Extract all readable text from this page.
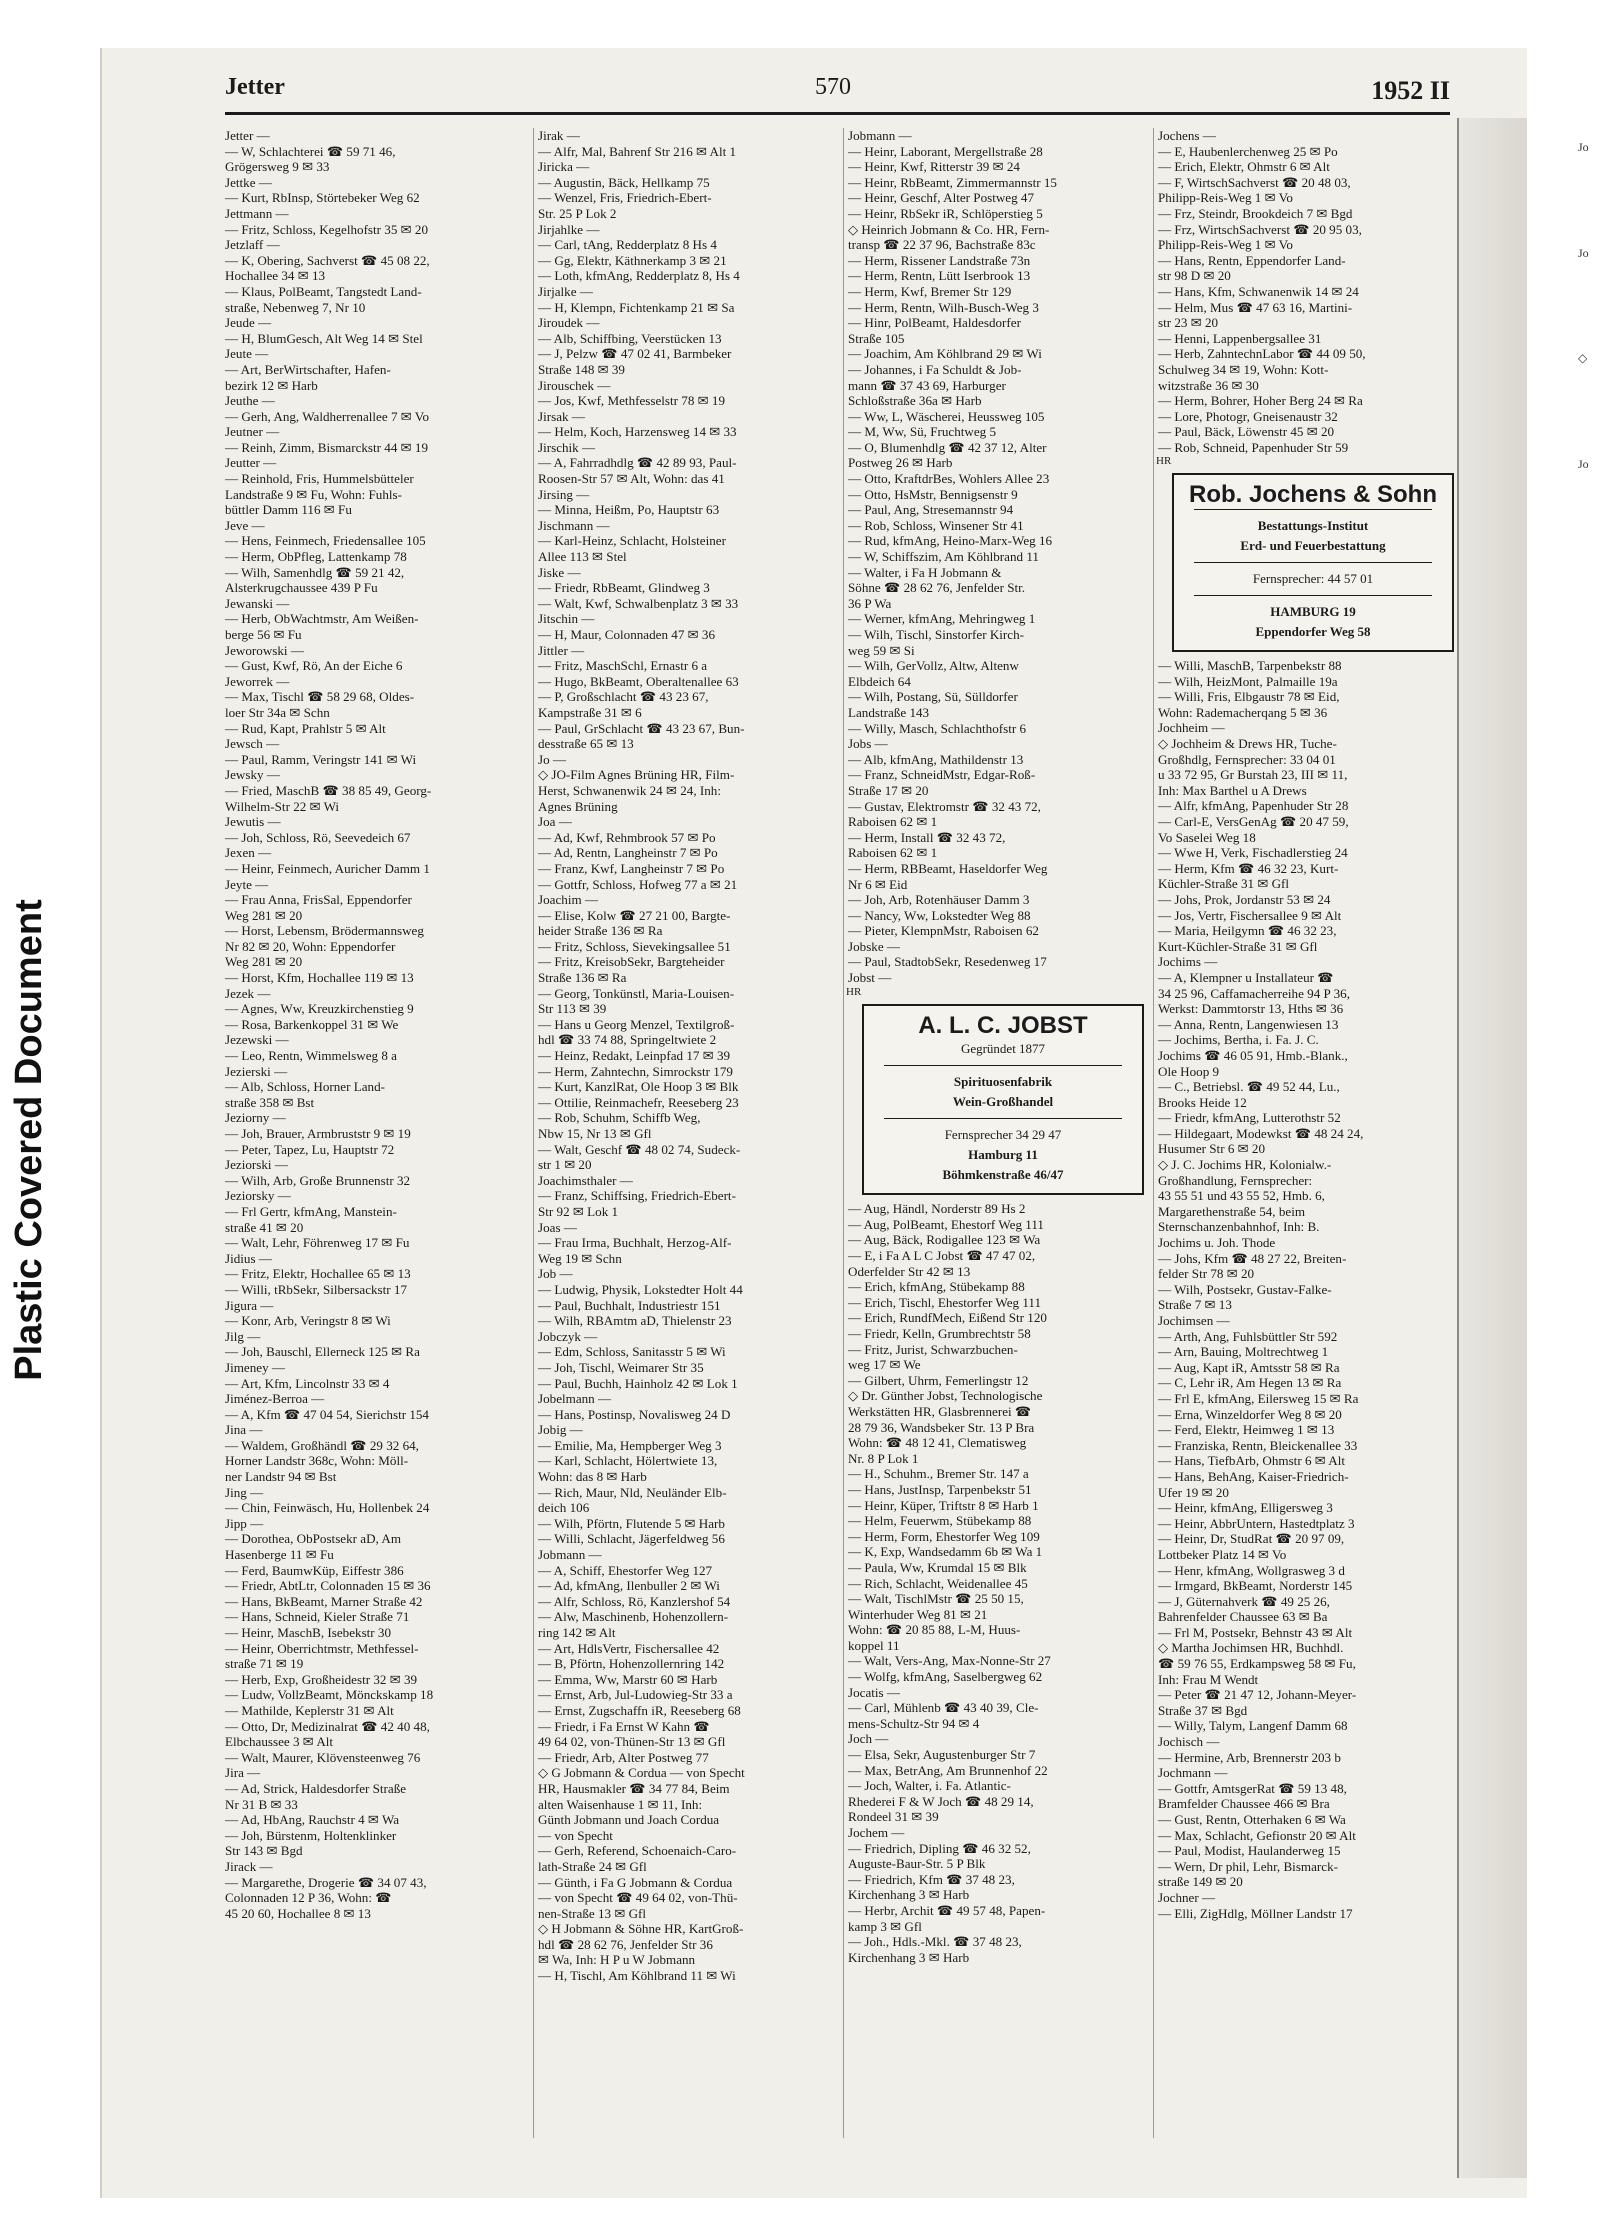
Plastic Covered Document
Jetter	570	1952 II
Jetter —
— W, Schlachterei ☎ 59 71 46,
Grögersweg 9 ✉ 33
Jettke —
— Kurt, RbInsp, Störtebeker Weg 62
Jettmann —
— Fritz, Schloss, Kegelhofstr 35 ✉ 20
Jetzlaff —
— K, Obering, Sachverst ☎ 45 08 22,
Hochallee 34 ✉ 13
— Klaus, PolBeamt, Tangstedt Land-
straße, Nebenweg 7, Nr 10
Jeude —
— H, BlumGesch, Alt Weg 14 ✉ Stel
Jeute —
— Art, BerWirtschafter, Hafen-
bezirk 12 ✉ Harb
Jeuthe —
— Gerh, Ang, Waldherrenallee 7 ✉ Vo
Jeutner —
— Reinh, Zimm, Bismarckstr 44 ✉ 19
Jeutter —
— Reinhold, Fris, Hummelsbütteler
Landstraße 9 ✉ Fu, Wohn: Fuhls-
büttler Damm 116 ✉ Fu
Jeve —
— Hens, Feinmech, Friedensallee 105
— Herm, ObPfleg, Lattenkamp 78
— Wilh, Samenhdlg ☎ 59 21 42,
Alsterkrugchaussee 439 P Fu
Jewanski —
— Herb, ObWachtmstr, Am Weißen-
berge 56 ✉ Fu
Jeworowski —
— Gust, Kwf, Rö, An der Eiche 6
Jeworrek —
— Max, Tischl ☎ 58 29 68, Oldes-
loer Str 34a ✉ Schn
— Rud, Kapt, Prahlstr 5 ✉ Alt
Jewsch —
— Paul, Ramm, Veringstr 141 ✉ Wi
Jewsky —
— Fried, MaschB ☎ 38 85 49, Georg-
Wilhelm-Str 22 ✉ Wi
Jewutis —
— Joh, Schloss, Rö, Seevedeich 67
Jexen —
— Heinr, Feinmech, Auricher Damm 1
Jeyte —
— Frau Anna, FrisSal, Eppendorfer
Weg 281 ✉ 20
— Horst, Lebensm, Brödermannsweg
Nr 82 ✉ 20, Wohn: Eppendorfer
Weg 281 ✉ 20
— Horst, Kfm, Hochallee 119 ✉ 13
Jezek —
— Agnes, Ww, Kreuzkirchenstieg 9
— Rosa, Barkenkoppel 31 ✉ We
Jezewski —
— Leo, Rentn, Wimmelsweg 8 a
Jezierski —
— Alb, Schloss, Horner Land-
straße 358 ✉ Bst
Jeziorny —
— Joh, Brauer, Armbruststr 9 ✉ 19
— Peter, Tapez, Lu, Hauptstr 72
Jeziorski —
— Wilh, Arb, Große Brunnenstr 32
Jeziorsky —
— Frl Gertr, kfmAng, Manstein-
straße 41 ✉ 20
— Walt, Lehr, Föhrenweg 17 ✉ Fu
Jidius —
— Fritz, Elektr, Hochallee 65 ✉ 13
— Willi, tRbSekr, Silbersackstr 17
Jigura —
— Konr, Arb, Veringstr 8 ✉ Wi
Jilg —
— Joh, Bauschl, Ellerneck 125 ✉ Ra
Jimeney —
— Art, Kfm, Lincolnstr 33 ✉ 4
Jiménez-Berroa —
— A, Kfm ☎ 47 04 54, Sierichstr 154
Jina —
— Waldem, Großhändl ☎ 29 32 64,
Horner Landstr 368c, Wohn: Möll-
ner Landstr 94 ✉ Bst
Jing —
— Chin, Feinwäsch, Hu, Hollenbek 24
Jipp —
— Dorothea, ObPostsekr aD, Am
Hasenberge 11 ✉ Fu
— Ferd, BaumwKüp, Eiffestr 386
— Friedr, AbtLtr, Colonnaden 15 ✉ 36
— Hans, BkBeamt, Marner Straße 42
— Hans, Schneid, Kieler Straße 71
— Heinr, MaschB, Isebekstr 30
— Heinr, Oberrichtmstr, Methfessel-
straße 71 ✉ 19
— Herb, Exp, Großheidestr 32 ✉ 39
— Ludw, VollzBeamt, Mönckskamp 18
— Mathilde, Keplerstr 31 ✉ Alt
— Otto, Dr, Medizinalrat ☎ 42 40 48,
Elbchaussee 3 ✉ Alt
— Walt, Maurer, Klövensteenweg 76
Jira —
— Ad, Strick, Haldesdorfer Straße
Nr 31 B ✉ 33
— Ad, HbAng, Rauchstr 4 ✉ Wa
— Joh, Bürstenm, Holtenklinker
Str 143 ✉ Bgd
Jirack —
— Margarethe, Drogerie ☎ 34 07 43,
Colonnaden 12 P 36, Wohn: ☎
45 20 60, Hochallee 8 ✉ 13
Jirak —
— Alfr, Mal, Bahrenf Str 216 ✉ Alt 1
Jiricka —
— Augustin, Bäck, Hellkamp 75
— Wenzel, Fris, Friedrich-Ebert-
Str. 25 P Lok 2
Jirjahlke —
— Carl, tAng, Redderplatz 8 Hs 4
— Gg, Elektr, Käthnerkamp 3 ✉ 21
— Loth, kfmAng, Redderplatz 8, Hs 4
Jirjalke —
— H, Klempn, Fichtenkamp 21 ✉ Sa
Jiroudek —
— Alb, Schiffbing, Veerstücken 13
— J, Pelzw ☎ 47 02 41, Barmbeker
Straße 148 ✉ 39
Jirouschek —
— Jos, Kwf, Methfesselstr 78 ✉ 19
Jirsak —
— Helm, Koch, Harzensweg 14 ✉ 33
Jirschik —
— A, Fahrradhdlg ☎ 42 89 93, Paul-
Roosen-Str 57 ✉ Alt, Wohn: das 41
Jirsing —
— Minna, Heißm, Po, Hauptstr 63
Jischmann —
— Karl-Heinz, Schlacht, Holsteiner
Allee 113 ✉ Stel
Jiske —
— Friedr, RbBeamt, Glindweg 3
— Walt, Kwf, Schwalbenplatz 3 ✉ 33
Jitschin —
— H, Maur, Colonnaden 47 ✉ 36
Jittler —
— Fritz, MaschSchl, Ernastr 6 a
— Hugo, BkBeamt, Oberaltenallee 63
— P, Großschlacht ☎ 43 23 67,
Kampstraße 31 ✉ 6
— Paul, GrSchlacht ☎ 43 23 67, Bun-
desstraße 65 ✉ 13
Jo —
◇ JO-Film Agnes Brüning HR, Film-
Herst, Schwanenwik 24 ✉ 24, Inh:
Agnes Brüning
Joa —
— Ad, Kwf, Rehmbrook 57 ✉ Po
— Ad, Rentn, Langheinstr 7 ✉ Po
— Franz, Kwf, Langheinstr 7 ✉ Po
— Gottfr, Schloss, Hofweg 77 a ✉ 21
Joachim —
— Elise, Kolw ☎ 27 21 00, Bargte-
heider Straße 136 ✉ Ra
— Fritz, Schloss, Sievekingsallee 51
— Fritz, KreisobSekr, Bargteheider
Straße 136 ✉ Ra
— Georg, Tonkünstl, Maria-Louisen-
Str 113 ✉ 39
— Hans u Georg Menzel, Textilgroß-
hdl ☎ 33 74 88, Springeltwiete 2
— Heinz, Redakt, Leinpfad 17 ✉ 39
— Herm, Zahntechn, Simrockstr 179
— Kurt, KanzlRat, Ole Hoop 3 ✉ Blk
— Ottilie, Reinmachefr, Reeseberg 23
— Rob, Schuhm, Schiffb Weg,
Nbw 15, Nr 13 ✉ Gfl
— Walt, Geschf ☎ 48 02 74, Sudeck-
str 1 ✉ 20
Joachimsthaler —
— Franz, Schiffsing, Friedrich-Ebert-
Str 92 ✉ Lok 1
Joas —
— Frau Irma, Buchhalt, Herzog-Alf-
Weg 19 ✉ Schn
Job —
— Ludwig, Physik, Lokstedter Holt 44
— Paul, Buchhalt, Industriestr 151
— Wilh, RBAmtm aD, Thielenstr 23
Jobczyk —
— Edm, Schloss, Sanitasstr 5 ✉ Wi
— Joh, Tischl, Weimarer Str 35
— Paul, Buchh, Hainholz 42 ✉ Lok 1
Jobelmann —
— Hans, Postinsp, Novalisweg 24 D
Jobig —
— Emilie, Ma, Hempberger Weg 3
— Karl, Schlacht, Hölertwiete 13,
Wohn: das 8 ✉ Harb
— Rich, Maur, Nld, Neuländer Elb-
deich 106
— Wilh, Pförtn, Flutende 5 ✉ Harb
— Willi, Schlacht, Jägerfeldweg 56
Jobmann —
— A, Schiff, Ehestorfer Weg 127
— Ad, kfmAng, Ilenbuller 2 ✉ Wi
— Alfr, Schloss, Rö, Kanzlershof 54
— Alw, Maschinenb, Hohenzollern-
ring 142 ✉ Alt
— Art, HdlsVertr, Fischersallee 42
— B, Pförtn, Hohenzollernring 142
— Emma, Ww, Marstr 60 ✉ Harb
— Ernst, Arb, Jul-Ludowieg-Str 33 a
— Ernst, Zugschaffn iR, Reeseberg 68
— Friedr, i Fa Ernst W Kahn ☎
49 64 02, von-Thünen-Str 13 ✉ Gfl
— Friedr, Arb, Alter Postweg 77
◇ G Jobmann & Cordua — von Specht
HR, Hausmakler ☎ 34 77 84, Beim
alten Waisenhause 1 ✉ 11, Inh:
Günth Jobmann und Joach Cordua
— von Specht
— Gerh, Referend, Schoenaich-Caro-
lath-Straße 24 ✉ Gfl
— Günth, i Fa G Jobmann & Cordua
— von Specht ☎ 49 64 02, von-Thü-
nen-Straße 13 ✉ Gfl
◇ H Jobmann & Söhne HR, KartGroß-
hdl ☎ 28 62 76, Jenfelder Str 36
✉ Wa, Inh: H P u W Jobmann
— H, Tischl, Am Köhlbrand 11 ✉ Wi
Jobmann —
— Heinr, Laborant, Mergellstraße 28
— Heinr, Kwf, Ritterstr 39 ✉ 24
— Heinr, RbBeamt, Zimmermannstr 15
— Heinr, Geschf, Alter Postweg 47
— Heinr, RbSekr iR, Schlöperstieg 5
◇ Heinrich Jobmann & Co. HR, Fern-
transp ☎ 22 37 96, Bachstraße 83c
— Herm, Rissener Landstraße 73n
— Herm, Rentn, Lütt Iserbrook 13
— Herm, Kwf, Bremer Str 129
— Herm, Rentn, Wilh-Busch-Weg 3
— Hinr, PolBeamt, Haldesdorfer
Straße 105
— Joachim, Am Köhlbrand 29 ✉ Wi
— Johannes, i Fa Schuldt & Job-
mann ☎ 37 43 69, Harburger
Schloßstraße 36a ✉ Harb
— Ww, L, Wäscherei, Heussweg 105
— M, Ww, Sü, Fruchtweg 5
— O, Blumenhdlg ☎ 42 37 12, Alter
Postweg 26 ✉ Harb
— Otto, KraftdrBes, Wohlers Allee 23
— Otto, HsMstr, Bennigsenstr 9
— Paul, Ang, Stresemannstr 94
— Rob, Schloss, Winsener Str 41
— Rud, kfmAng, Heino-Marx-Weg 16
— W, Schiffszim, Am Köhlbrand 11
— Walter, i Fa H Jobmann &
Söhne ☎ 28 62 76, Jenfelder Str.
36 P Wa
— Werner, kfmAng, Mehringweg 1
— Wilh, Tischl, Sinstorfer Kirch-
weg 59 ✉ Si
— Wilh, GerVollz, Altw, Altenw
Elbdeich 64
— Wilh, Postang, Sü, Sülldorfer
Landstraße 143
— Willy, Masch, Schlachthofstr 6
Jobs —
— Alb, kfmAng, Mathildenstr 13
— Franz, SchneidMstr, Edgar-Roß-
Straße 17 ✉ 20
— Gustav, Elektromstr ☎ 32 43 72,
Raboisen 62 ✉ 1
— Herm, Install ☎ 32 43 72,
Raboisen 62 ✉ 1
— Herm, RBBeamt, Haseldorfer Weg
Nr 6 ✉ Eid
— Joh, Arb, Rotenhäuser Damm 3
— Nancy, Ww, Lokstedter Weg 88
— Pieter, KlempnMstr, Raboisen 62
Jobske —
— Paul, StadtobSekr, Resedenweg 17
Jobst —
HR
A. L. C. JOBST
Gegründet 1877
Spirituosenfabrik
Wein-Großhandel
Fernsprecher 34 29 47
Hamburg 11
Böhmkenstraße 46/47
— Aug, Händl, Norderstr 89 Hs 2
— Aug, PolBeamt, Ehestorf Weg 111
— Aug, Bäck, Rodigallee 123 ✉ Wa
— E, i Fa A L C Jobst ☎ 47 47 02,
Oderfelder Str 42 ✉ 13
— Erich, kfmAng, Stübekamp 88
— Erich, Tischl, Ehestorfer Weg 111
— Erich, RundfMech, Eißend Str 120
— Friedr, Kelln, Grumbrechtstr 58
— Fritz, Jurist, Schwarzbuchen-
weg 17 ✉ We
— Gilbert, Uhrm, Femerlingstr 12
◇ Dr. Günther Jobst, Technologische
Werkstätten HR, Glasbrennerei ☎
28 79 36, Wandsbeker Str. 13 P Bra
Wohn: ☎ 48 12 41, Clematisweg
Nr. 8 P Lok 1
— H., Schuhm., Bremer Str. 147 a
— Hans, JustInsp, Tarpenbekstr 51
— Heinr, Küper, Triftstr 8 ✉ Harb 1
— Helm, Feuerwm, Stübekamp 88
— Herm, Form, Ehestorfer Weg 109
— K, Exp, Wandsedamm 6b ✉ Wa 1
— Paula, Ww, Krumdal 15 ✉ Blk
— Rich, Schlacht, Weidenallee 45
— Walt, TischlMstr ☎ 25 50 15,
Winterhuder Weg 81 ✉ 21
Wohn: ☎ 20 85 88, L-M, Huus-
koppel 11
— Walt, Vers-Ang, Max-Nonne-Str 27
— Wolfg, kfmAng, Saselbergweg 62
Jocatis —
— Carl, Mühlenb ☎ 43 40 39, Cle-
mens-Schultz-Str 94 ✉ 4
Joch —
— Elsa, Sekr, Augustenburger Str 7
— Max, BetrAng, Am Brunnenhof 22
— Joch, Walter, i. Fa. Atlantic-
Rhederei F & W Joch ☎ 48 29 14,
Rondeel 31 ✉ 39
Jochem —
— Friedrich, Dipling ☎ 46 32 52,
Auguste-Baur-Str. 5 P Blk
— Friedrich, Kfm ☎ 37 48 23,
Kirchenhang 3 ✉ Harb
— Herbr, Archit ☎ 49 57 48, Papen-
kamp 3 ✉ Gfl
— Joh., Hdls.-Mkl. ☎ 37 48 23,
Kirchenhang 3 ✉ Harb
Jochens —
— E, Haubenlerchenweg 25 ✉ Po
— Erich, Elektr, Ohmstr 6 ✉ Alt
— F, WirtschSachverst ☎ 20 48 03,
Philipp-Reis-Weg 1 ✉ Vo
— Frz, Steindr, Brookdeich 7 ✉ Bgd
— Frz, WirtschSachverst ☎ 20 95 03,
Philipp-Reis-Weg 1 ✉ Vo
— Hans, Rentn, Eppendorfer Land-
str 98 D ✉ 20
— Hans, Kfm, Schwanenwik 14 ✉ 24
— Helm, Mus ☎ 47 63 16, Martini-
str 23 ✉ 20
— Henni, Lappenbergsallee 31
— Herb, ZahntechnLabor ☎ 44 09 50,
Schulweg 34 ✉ 19, Wohn: Kott-
witzstraße 36 ✉ 30
— Herm, Bohrer, Hoher Berg 24 ✉ Ra
— Lore, Photogr, Gneisenaustr 32
— Paul, Bäck, Löwenstr 45 ✉ 20
— Rob, Schneid, Papenhuder Str 59
HR
Rob. Jochens & Sohn
Bestattungs-Institut
Erd- und Feuerbestattung
Fernsprecher: 44 57 01
HAMBURG 19
Eppendorfer Weg 58
— Willi, MaschB, Tarpenbekstr 88
— Wilh, HeizMont, Palmaille 19a
— Willi, Fris, Elbgaustr 78 ✉ Eid,
Wohn: Rademacherqang 5 ✉ 36
Jochheim —
◇ Jochheim & Drews HR, Tuche-
Großhdlg, Fernsprecher: 33 04 01
u 33 72 95, Gr Burstah 23, III ✉ 11,
Inh: Max Barthel u A Drews
— Alfr, kfmAng, Papenhuder Str 28
— Carl-E, VersGenAg ☎ 20 47 59,
Vo Saselei Weg 18
— Wwe H, Verk, Fischadlerstieg 24
— Herm, Kfm ☎ 46 32 23, Kurt-
Küchler-Straße 31 ✉ Gfl
— Johs, Prok, Jordanstr 53 ✉ 24
— Jos, Vertr, Fischersallee 9 ✉ Alt
— Maria, Heilgymn ☎ 46 32 23,
Kurt-Küchler-Straße 31 ✉ Gfl
Jochims —
— A, Klempner u Installateur ☎
34 25 96, Caffamacherreihe 94 P 36,
Werkst: Dammtorstr 13, Hths ✉ 36
— Anna, Rentn, Langenwiesen 13
— Jochims, Bertha, i. Fa. J. C.
Jochims ☎ 46 05 91, Hmb.-Blank.,
Ole Hoop 9
— C., Betriebsl. ☎ 49 52 44, Lu.,
Brooks Heide 12
— Friedr, kfmAng, Lutterothstr 52
— Hildegaart, Modewkst ☎ 48 24 24,
Husumer Str 6 ✉ 20
◇ J. C. Jochims HR, Kolonialw.-
Großhandlung, Fernsprecher:
43 55 51 und 43 55 52, Hmb. 6,
Margarethenstraße 54, beim
Sternschanzenbahnhof, Inh: B.
Jochims u. Joh. Thode
— Johs, Kfm ☎ 48 27 22, Breiten-
felder Str 78 ✉ 20
— Wilh, Postsekr, Gustav-Falke-
Straße 7 ✉ 13
Jochimsen —
— Arth, Ang, Fuhlsbüttler Str 592
— Arn, Bauing, Moltrechtweg 1
— Aug, Kapt iR, Amtsstr 58 ✉ Ra
— C, Lehr iR, Am Hegen 13 ✉ Ra
— Frl E, kfmAng, Eilersweg 15 ✉ Ra
— Erna, Winzeldorfer Weg 8 ✉ 20
— Ferd, Elektr, Heimweg 1 ✉ 13
— Franziska, Rentn, Bleickenallee 33
— Hans, TiefbArb, Ohmstr 6 ✉ Alt
— Hans, BehAng, Kaiser-Friedrich-
Ufer 19 ✉ 20
— Heinr, kfmAng, Elligersweg 3
— Heinr, AbbrUntern, Hastedtplatz 3
— Heinr, Dr, StudRat ☎ 20 97 09,
Lottbeker Platz 14 ✉ Vo
— Henr, kfmAng, Wollgrasweg 3 d
— Irmgard, BkBeamt, Norderstr 145
— J, Güternahverk ☎ 49 25 26,
Bahrenfelder Chaussee 63 ✉ Ba
— Frl M, Postsekr, Behnstr 43 ✉ Alt
◇ Martha Jochimsen HR, Buchhdl.
☎ 59 76 55, Erdkampsweg 58 ✉ Fu,
Inh: Frau M Wendt
— Peter ☎ 21 47 12, Johann-Meyer-
Straße 37 ✉ Bgd
— Willy, Talym, Langenf Damm 68
Jochisch —
— Hermine, Arb, Brennerstr 203 b
Jochmann —
— Gottfr, AmtsgerRat ☎ 59 13 48,
Bramfelder Chaussee 466 ✉ Bra
— Gust, Rentn, Otterhaken 6 ✉ Wa
— Max, Schlacht, Gefionstr 20 ✉ Alt
— Paul, Modist, Haulanderweg 15
— Wern, Dr phil, Lehr, Bismarck-
straße 149 ✉ 20
Jochner —
— Elli, ZigHdlg, Möllner Landstr 17
Jo
Jo
◇
Jo
